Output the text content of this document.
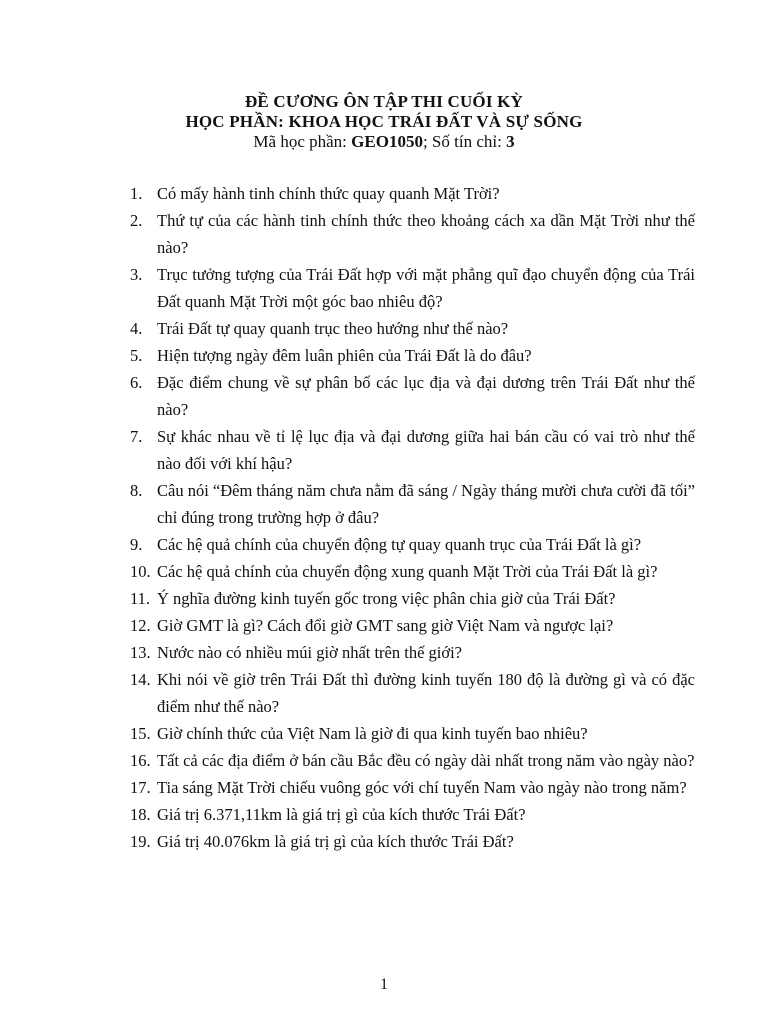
ĐỀ CƯƠNG ÔN TẬP THI CUỐI KỲ
HỌC PHẦN: KHOA HỌC TRÁI ĐẤT VÀ SỰ SỐNG
Mã học phần: GEO1050; Số tín chỉ: 3
1. Có mấy hành tinh chính thức quay quanh Mặt Trời?
2. Thứ tự của các hành tinh chính thức theo khoảng cách xa dần Mặt Trời như thế nào?
3. Trục tưởng tượng của Trái Đất hợp với mặt phẳng quĩ đạo chuyển động của Trái Đất quanh Mặt Trời một góc bao nhiêu độ?
4. Trái Đất tự quay quanh trục theo hướng như thế nào?
5. Hiện tượng ngày đêm luân phiên của Trái Đất là do đâu?
6. Đặc điểm chung về sự phân bố các lục địa và đại dương trên Trái Đất như thế nào?
7. Sự khác nhau về tỉ lệ lục địa và đại dương giữa hai bán cầu có vai trò như thế nào đối với khí hậu?
8. Câu nói “Đêm tháng năm chưa nằm đã sáng / Ngày tháng mười chưa cười đã tối” chỉ đúng trong trường hợp ở đâu?
9. Các hệ quả chính của chuyển động tự quay quanh trục của Trái Đất là gì?
10. Các hệ quả chính của chuyển động xung quanh Mặt Trời của Trái Đất là gì?
11. Ý nghĩa đường kinh tuyến gốc trong việc phân chia giờ của Trái Đất?
12. Giờ GMT là gì? Cách đổi giờ GMT sang giờ Việt Nam và ngược lại?
13. Nước nào có nhiều múi giờ nhất trên thế giới?
14. Khi nói về giờ trên Trái Đất thì đường kinh tuyến 180 độ là đường gì và có đặc điểm như thế nào?
15. Giờ chính thức của Việt Nam là giờ đi qua kinh tuyến bao nhiêu?
16. Tất cả các địa điểm ở bán cầu Bắc đều có ngày dài nhất trong năm vào ngày nào?
17. Tia sáng Mặt Trời chiếu vuông góc với chí tuyến Nam vào ngày nào trong năm?
18. Giá trị 6.371,11km là giá trị gì của kích thước Trái Đất?
19. Giá trị 40.076km là giá trị gì của kích thước Trái Đất?
1
